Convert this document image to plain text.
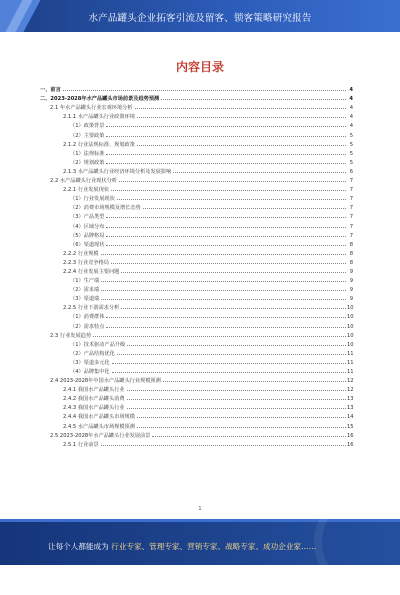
水产品罐头企业拓客引流及留客、锁客策略研究报告
内容目录
一、前言	4
二、2023-2028年水产品罐头市场前景及趋势预测	4
2.1 年水产品罐头行业宏观环境分析	4
2.1.1 水产品罐头行业政策环境	4
（1）政策背景	4
（2）主要政策	5
2.1.2 行业法规标准、规划政策	5
（1）法规标准	5
（2）规划政策	5
2.1.3 水产品罐头行业经济环境分析及发展影响	6
2.2 水产品罐头行业现状分析	7
2.2.1 行业发展现状	7
（1）行业发展现状	7
（2）消费市场规模及增长态势	7
（3）产品类型	7
（4）区域分布	7
（5）品牌格局	7
（6）渠道现状	8
2.2.2 行业规模	8
2.2.3 行业竞争格局	8
2.2.4 行业发展主要问题	9
（1）生产端	9
（2）需求端	9
（3）渠道端	9
2.2.5 行业下游需求分析	10
（1）消费群体	10
（2）需求特点	10
2.3 行业发展趋势	10
（1）技术驱动产品升级	10
（2）产品结构优化	11
（3）渠道多元化	11
（4）品牌集中化	11
2.4 2023-2028年中国水产品罐头行业规模预测	12
2.4.1 我国水产品罐头行业	12
2.4.2 我国水产品罐头消费	13
2.4.3 我国水产品罐头行业	13
2.4.4 我国水产品罐头市场规模	14
2.4.5 水产品罐头市场规模预测	15
2.5 2023-2028年水产品罐头行业发展前景	16
2.5.1 行业前景	16
1
让每个人都能成为 行业专家、管理专家、营销专家、战略专家、成功企业家……
